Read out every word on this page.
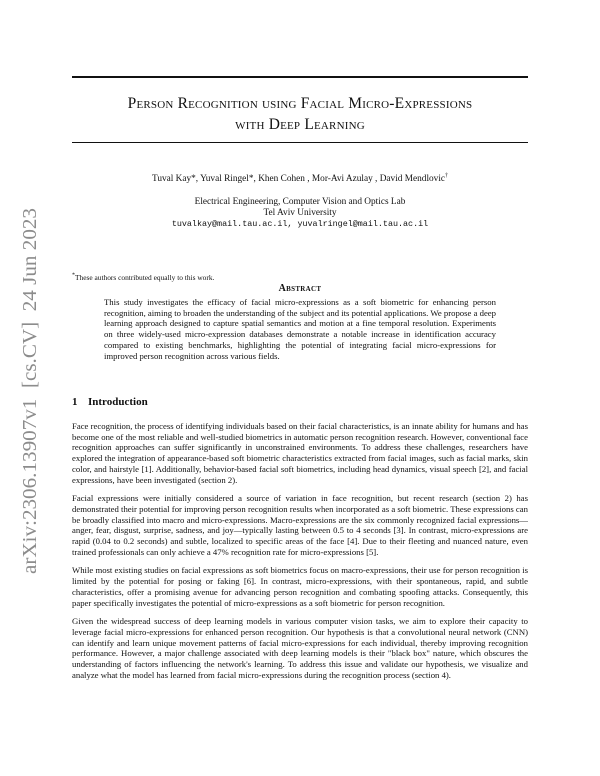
arXiv:2306.13907v1  [cs.CV]  24 Jun 2023
Person Recognition using Facial Micro-Expressions
with Deep Learning
Tuval Kay*, Yuval Ringel*, Khen Cohen , Mor-Avi Azulay , David Mendlovic†
Electrical Engineering, Computer Vision and Optics Lab
Tel Aviv University
tuvalkay@mail.tau.ac.il, yuvalringel@mail.tau.ac.il
*These authors contributed equally to this work.
Abstract
This study investigates the efficacy of facial micro-expressions as a soft biometric for enhancing person recognition, aiming to broaden the understanding of the subject and its potential applications. We propose a deep learning approach designed to capture spatial semantics and motion at a fine temporal resolution. Experiments on three widely-used micro-expression databases demonstrate a notable increase in identification accuracy compared to existing benchmarks, highlighting the potential of integrating facial micro-expressions for improved person recognition across various fields.
1 Introduction

Face recognition, the process of identifying individuals based on their facial characteristics, is an innate ability for humans and has become one of the most reliable and well-studied biometrics in automatic person recognition research. However, conventional face recognition approaches can suffer significantly in unconstrained environments. To address these challenges, researchers have explored the integration of appearance-based soft biometric characteristics extracted from facial images, such as facial marks, skin color, and hairstyle [1]. Additionally, behavior-based facial soft biometrics, including head dynamics, visual speech [2], and facial expressions, have been investigated (section 2).

Facial expressions were initially considered a source of variation in face recognition, but recent research (section 2) has demonstrated their potential for improving person recognition results when incorporated as a soft biometric. These expressions can be broadly classified into macro and micro-expressions. Macro-expressions are the six commonly recognized facial expressions—anger, fear, disgust, surprise, sadness, and joy—typically lasting between 0.5 to 4 seconds [3]. In contrast, micro-expressions are rapid (0.04 to 0.2 seconds) and subtle, localized to specific areas of the face [4]. Due to their fleeting and nuanced nature, even trained professionals can only achieve a 47% recognition rate for micro-expressions [5].

While most existing studies on facial expressions as soft biometrics focus on macro-expressions, their use for person recognition is limited by the potential for posing or faking [6]. In contrast, micro-expressions, with their spontaneous, rapid, and subtle characteristics, offer a promising avenue for advancing person recognition and combating spoofing attacks. Consequently, this paper specifically investigates the potential of micro-expressions as a soft biometric for person recognition.

Given the widespread success of deep learning models in various computer vision tasks, we aim to explore their capacity to leverage facial micro-expressions for enhanced person recognition. Our hypothesis is that a convolutional neural network (CNN) can identify and learn unique movement patterns of facial micro-expressions for each individual, thereby improving recognition performance. However, a major challenge associated with deep learning models is their "black box" nature, which obscures the understanding of factors influencing the network's learning. To address this issue and validate our hypothesis, we visualize and analyze what the model has learned from facial micro-expressions during the recognition process (section 4).
